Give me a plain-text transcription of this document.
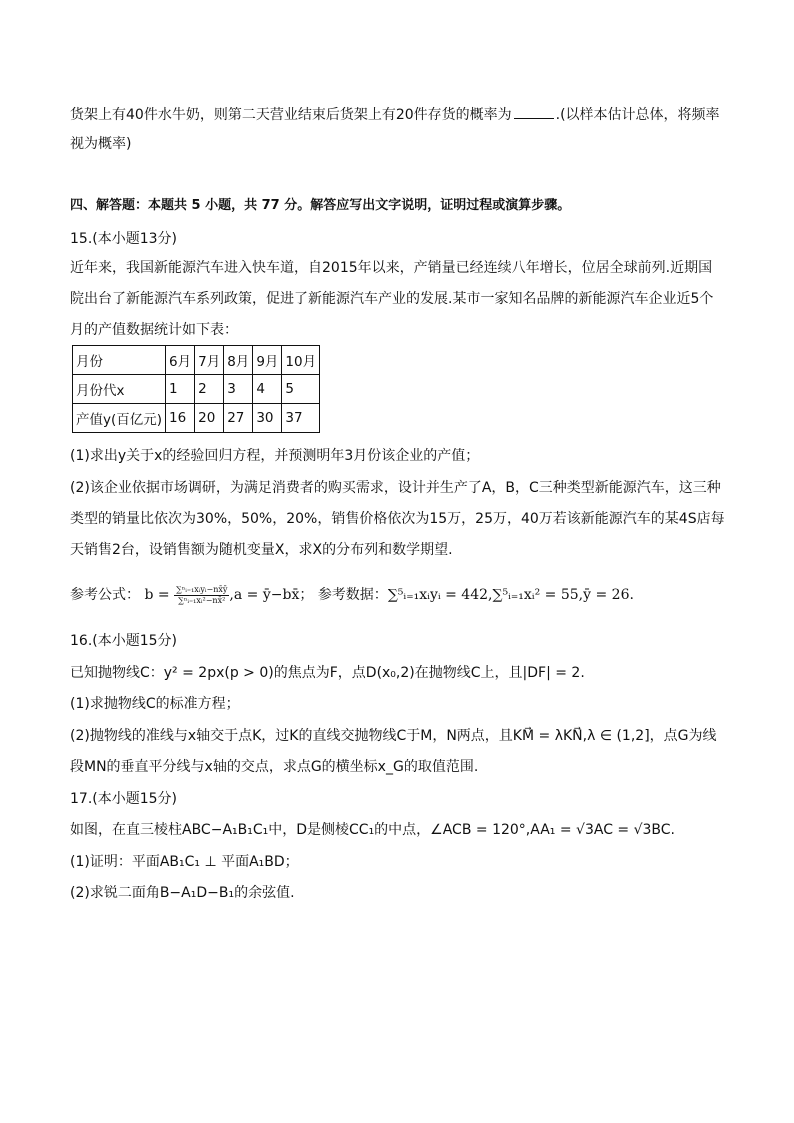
货架上有40件水牛奶，则第二天营业结束后货架上有20件存货的概率为	.(以样本估计总体，将频率
视为概率)
四、解答题：本题共 5 小题，共 77 分。解答应写出文字说明，证明过程或演算步骤。
15.(本小题13分)
近年来，我国新能源汽车进入快车道，自2015年以来，产销量已经连续八年增长，位居全球前列.近期国
院出台了新能源汽车系列政策，促进了新能源汽车产业的发展.某市一家知名品牌的新能源汽车企业近5个
月的产值数据统计如下表：
月份	6月	7月	8月	9月	10月
月份代x	1	2	3	4	5
产值y(百亿元)	16	20	27	30	37
(1)求出y关于x的经验回归方程，并预测明年3月份该企业的产值；
(2)该企业依据市场调研，为满足消费者的购买需求，设计并生产了A，B，C三种类型新能源汽车，这三种
类型的销量比依次为30%，50%，20%，销售价格依次为15万，25万，40万若该新能源汽车的某4S店每
天销售2台，设销售额为随机变量X，求X的分布列和数学期望.
参考公式： $b = \frac{\text{∑ⁿᵢ₌₁xᵢyᵢ−nx̄ȳ}}{\text{∑ⁿᵢ₌₁xᵢ²−nx̄²}} ,a$ = ȳ−bx̄； 参考数据：∑⁵ᵢ₌₁xᵢyᵢ = 442,∑⁵ᵢ₌₁xᵢ² = 55,ȳ = 26.
16.(本小题15分)
已知抛物线C：y² = 2px(p > 0)的焦点为F，点D(x₀,2)在抛物线C上，且|DF| = 2.
(1)求抛物线C的标准方程；
(2)抛物线的准线与x轴交于点K，过K的直线交抛物线C于M，N两点，且KM⃗ = λKN⃗,λ ∈ (1,2]，点G为线
段MN的垂直平分线与x轴的交点，求点G的横坐标x_G的取值范围.
17.(本小题15分)
如图，在直三棱柱ABC−A₁B₁C₁中，D是侧棱CC₁的中点，∠ACB = 120°,AA₁ = √3AC = √3BC.
(1)证明：平面AB₁C₁ ⊥ 平面A₁BD；
(2)求锐二面角B−A₁D−B₁的余弦值.
